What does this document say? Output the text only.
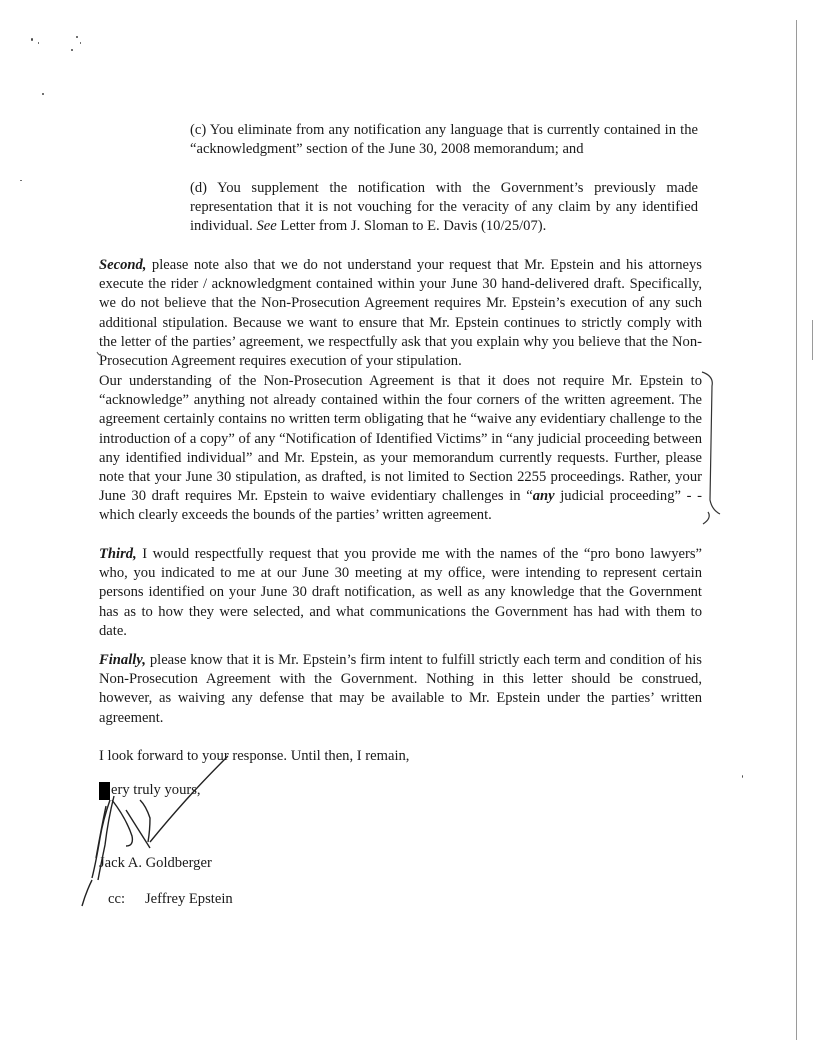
(c) You eliminate from any notification any language that is currently contained in the “acknowledgment” section of the June 30, 2008 memorandum; and

(d) You supplement the notification with the Government’s previously made representation that it is not vouching for the veracity of any claim by any identified individual. See Letter from J. Sloman to E. Davis (10/25/07).

Second, please note also that we do not understand your request that Mr. Epstein and his attorneys execute the rider / acknowledgment contained within your June 30 hand-delivered draft. Specifically, we do not believe that the Non-Prosecution Agreement requires Mr. Epstein’s execution of any such additional stipulation. Because we want to ensure that Mr. Epstein continues to strictly comply with the letter of the parties’ agreement, we respectfully ask that you explain why you believe that the Non-Prosecution Agreement requires execution of your stipulation.

Our understanding of the Non-Prosecution Agreement is that it does not require Mr. Epstein to “acknowledge” anything not already contained within the four corners of the written agreement. The agreement certainly contains no written term obligating that he “waive any evidentiary challenge to the introduction of a copy” of any “Notification of Identified Victims” in “any judicial proceeding between any identified individual” and Mr. Epstein, as your memorandum currently requests. Further, please note that your June 30 stipulation, as drafted, is not limited to Section 2255 proceedings. Rather, your June 30 draft requires Mr. Epstein to waive evidentiary challenges in “any judicial proceeding” - - which clearly exceeds the bounds of the parties’ written agreement.

Third, I would respectfully request that you provide me with the names of the “pro bono lawyers” who, you indicated to me at our June 30 meeting at my office, were intending to represent certain persons identified on your June 30 draft notification, as well as any knowledge that the Government has as to how they were selected, and what communications the Government has had with them to date.

Finally, please know that it is Mr. Epstein’s firm intent to fulfill strictly each term and condition of his Non-Prosecution Agreement with the Government. Nothing in this letter should be construed, however, as waiving any defense that may be available to Mr. Epstein under the parties’ written agreement.

I look forward to your response. Until then, I remain,

ery truly yours,
Jack A. Goldberger
cc: Jeffrey Epstein
